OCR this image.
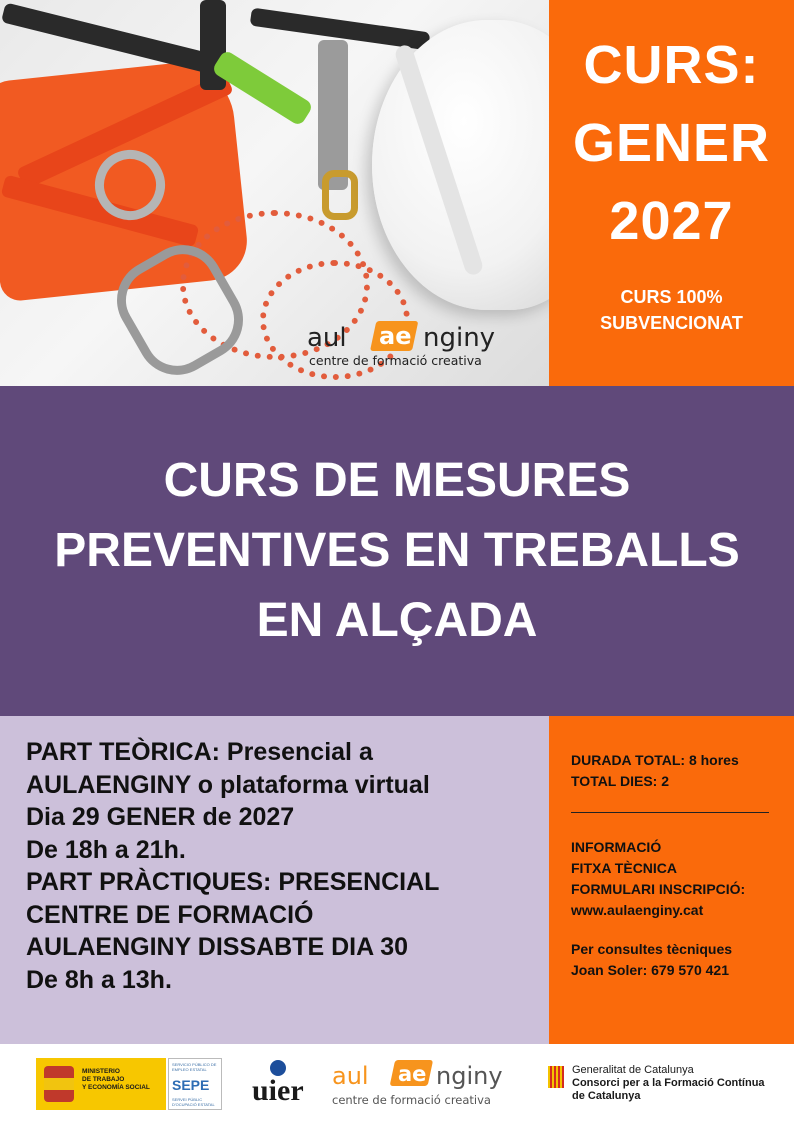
aul ae nginy
centre de formació creativa
CURS:
GENER
2027
CURS 100%
SUBVENCIONAT
CURS DE MESURES
PREVENTIVES EN TREBALLS
EN ALÇADA
PART TEÒRICA: Presencial a
AULAENGINY o plataforma virtual
Dia 29 GENER de 2027
De 18h a 21h.
PART PRÀCTIQUES: PRESENCIAL
CENTRE DE FORMACIÓ
AULAENGINY DISSABTE DIA 30
De 8h a 13h.
DURADA TOTAL: 8 hores
TOTAL DIES: 2
INFORMACIÓ
FITXA TÈCNICA
FORMULARI INSCRIPCIÓ:
www.aulaenginy.cat
Per consultes tècniques
Joan Soler: 679 570 421
MINISTERIO
DE TRABAJO
Y ECONOMÍA SOCIAL
SERVICIO PÚBLICO DE EMPLEO ESTATAL
SEPE
SERVEI PÚBLIC D'OCUPACIÓ ESTATAL uier aul ae nginy
centre de formació creativa
Generalitat de Catalunya
Consorci per a la Formació Contínua
de Catalunya
